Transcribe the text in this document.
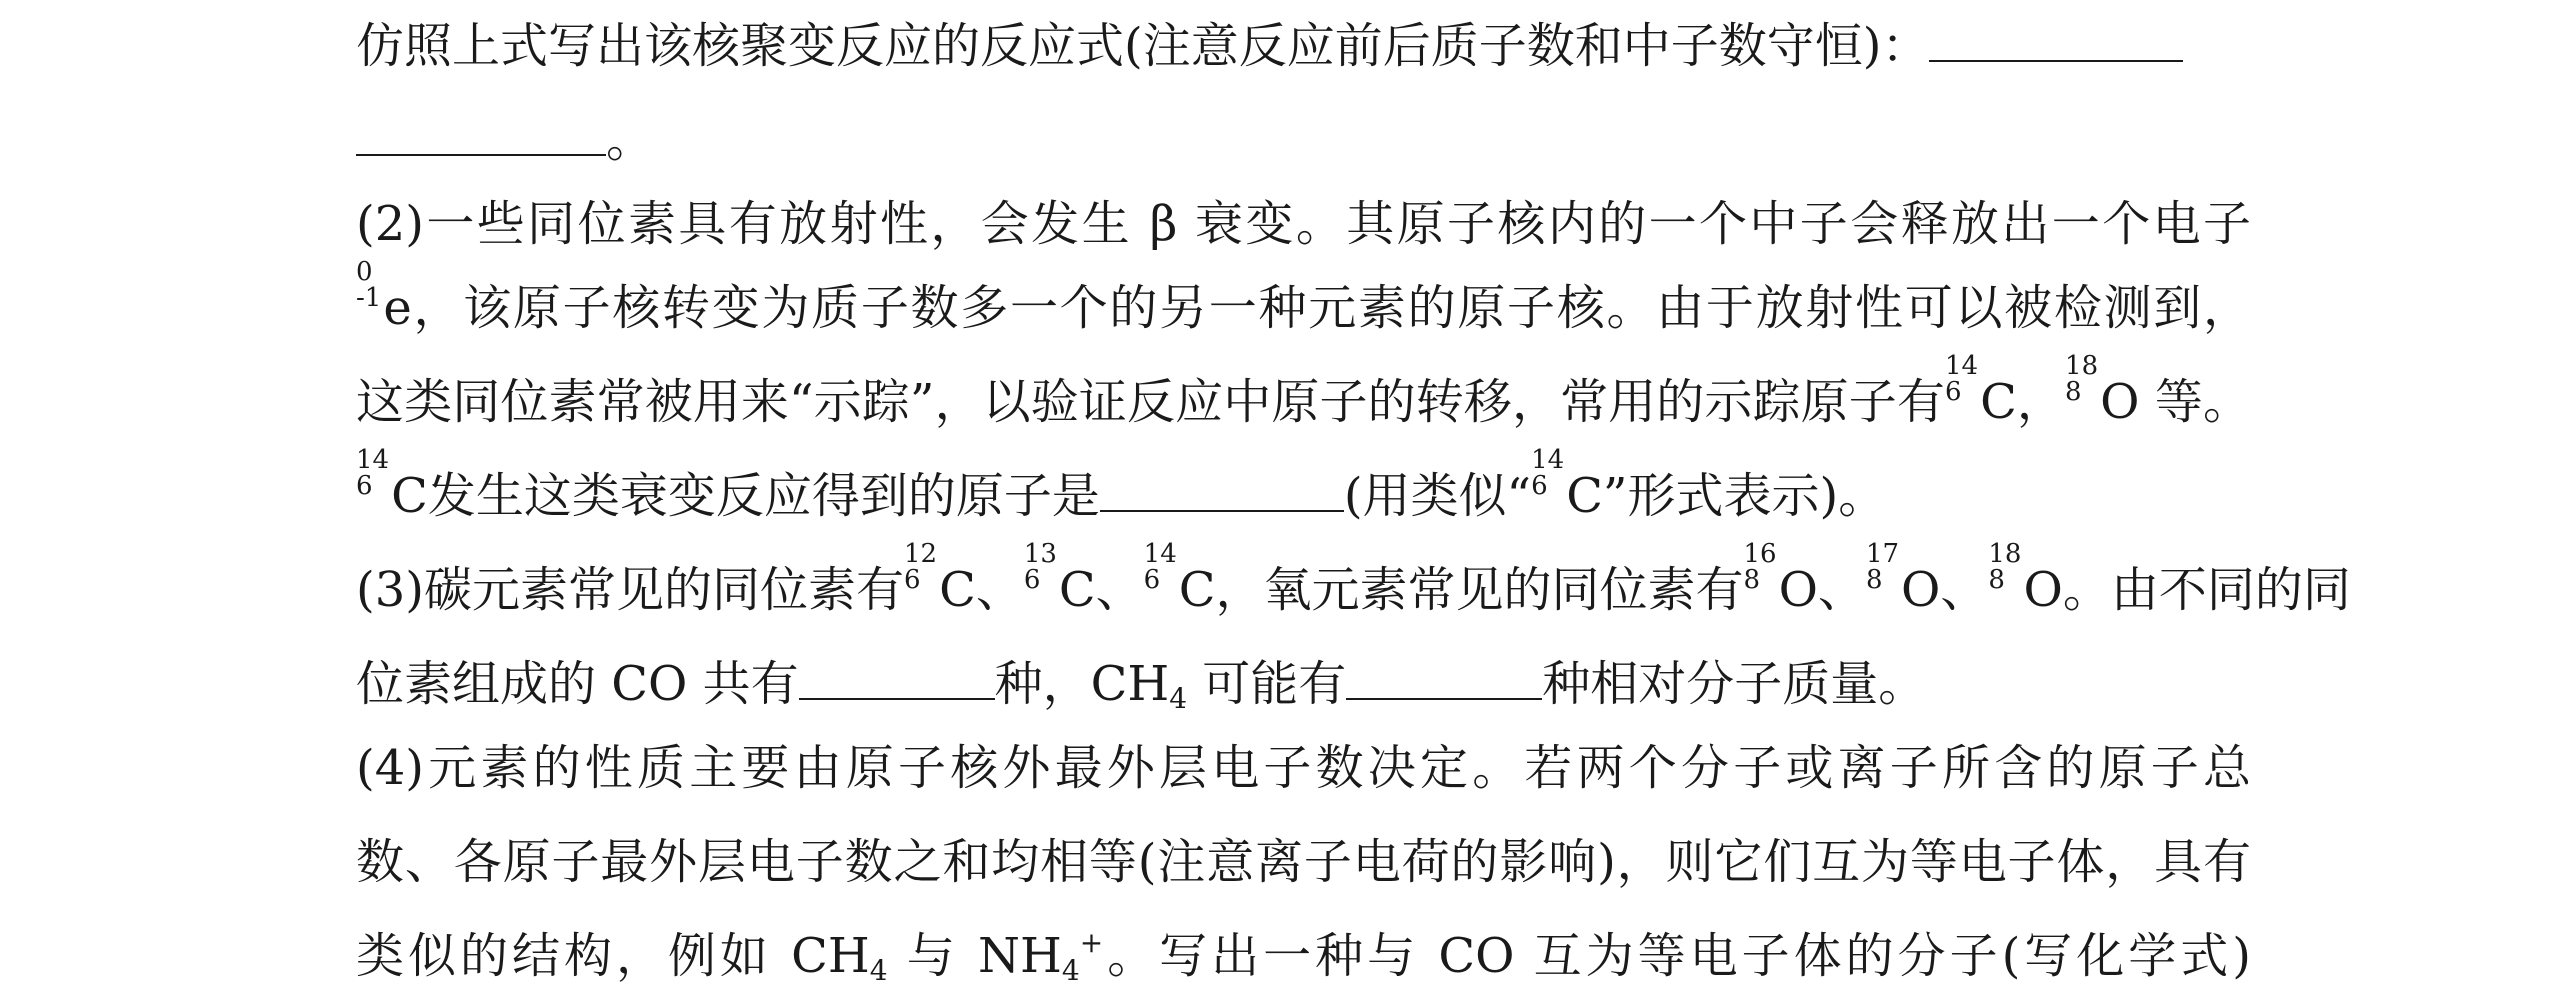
仿照上式写出该核聚变反应的反应式(注意反应前后质子数和中子数守恒)：
。
(2)一些同位素具有放射性，会发生 β 衰变。其原子核内的一个中子会释放出一个电子
0
-1 e，该原子核转变为质子数多一个的另一种元素的原子核。由于放射性可以被检测到，
这类同位素常被用来“示踪”，以验证反应中原子的转移，常用的示踪原子有
14
6 C，
18
8 O 等。
14
6 C发生这类衰变反应得到的原子是	(用类似“
14
6 C”形式表示)。
(3)碳元素常见的同位素有
12
6 C、
13
6 C、
14
6 C，氧元素常见的同位素有
16
8 O、
17
8 O、
18
8 O。由不同的同
位素组成的 CO 共有	种，$CH_4$ 可能有	种相对分子质量。
(4)元素的性质主要由原子核外最外层电子数决定。若两个分子或离子所含的原子总
数、各原子最外层电子数之和均相等(注意离子电荷的影响)，则它们互为等电子体，具有
类似的结构，例如 $CH_4$ 与 $NH_4^+$。写出一种与 CO 互为等电子体的分子(写化学式)
